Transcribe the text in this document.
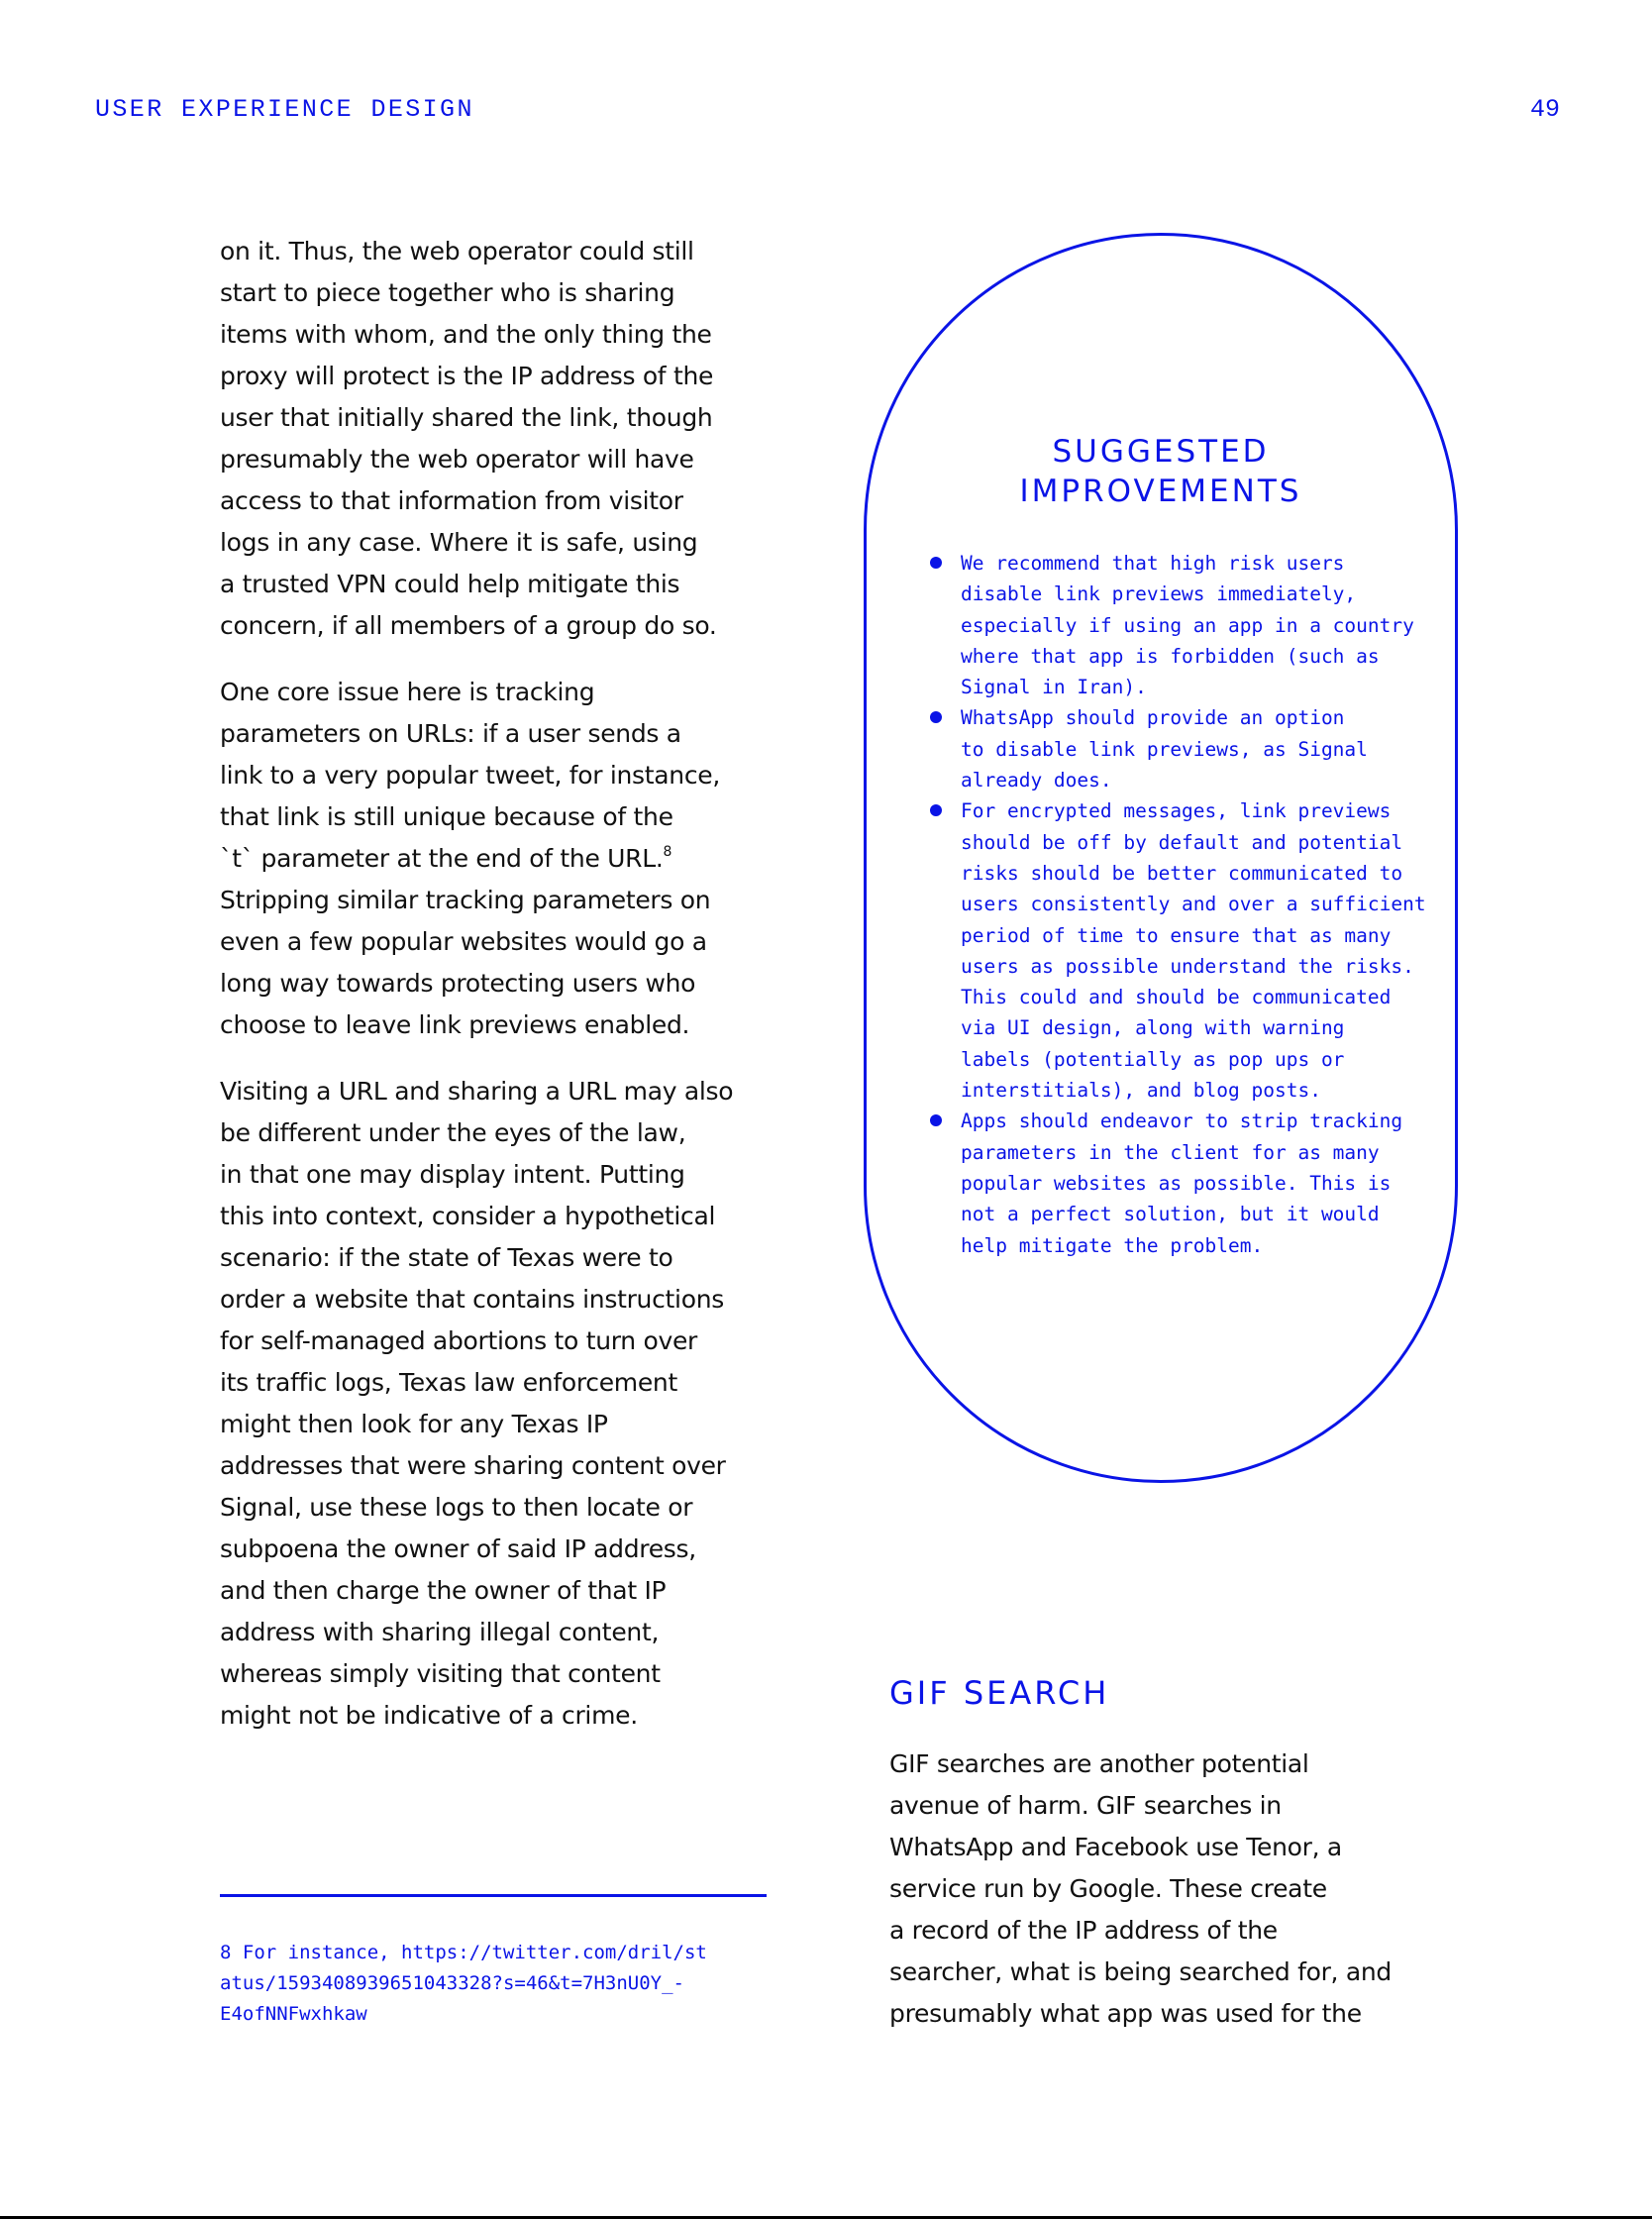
USER EXPERIENCE DESIGN	49

on it. Thus, the web operator could still
start to piece together who is sharing
items with whom, and the only thing the
proxy will protect is the IP address of the
user that initially shared the link, though
presumably the web operator will have
access to that information from visitor
logs in any case. Where it is safe, using
a trusted VPN could help mitigate this
concern, if all members of a group do so.

One core issue here is tracking
parameters on URLs: if a user sends a
link to a very popular tweet, for instance,
that link is still unique because of the
`t` parameter at the end of the URL.$^8$
Stripping similar tracking parameters on
even a few popular websites would go a
long way towards protecting users who
choose to leave link previews enabled.

Visiting a URL and sharing a URL may also
be different under the eyes of the law,
in that one may display intent. Putting
this into context, consider a hypothetical
scenario: if the state of Texas were to
order a website that contains instructions
for self-managed abortions to turn over
its traffic logs, Texas law enforcement
might then look for any Texas IP
addresses that were sharing content over
Signal, use these logs to then locate or
subpoena the owner of said IP address,
and then charge the owner of that IP
address with sharing illegal content,
whereas simply visiting that content
might not be indicative of a crime.

8 For instance, https://twitter.com/dril/st
atus/1593408939651043328?s=46&t=7H3nU0Y_-
E4ofNNFwxhkaw
SUGGESTED
IMPROVEMENTS
We recommend that high risk users
disable link previews immediately,
especially if using an app in a country
where that app is forbidden (such as
Signal in Iran).
WhatsApp should provide an option
to disable link previews, as Signal
already does.
For encrypted messages, link previews
should be off by default and potential
risks should be better communicated to
users consistently and over a sufficient
period of time to ensure that as many
users as possible understand the risks.
This could and should be communicated
via UI design, along with warning
labels (potentially as pop ups or
interstitials), and blog posts.
Apps should endeavor to strip tracking
parameters in the client for as many
popular websites as possible. This is
not a perfect solution, but it would
help mitigate the problem.
GIF SEARCH

GIF searches are another potential
avenue of harm. GIF searches in
WhatsApp and Facebook use Tenor, a
service run by Google. These create
a record of the IP address of the
searcher, what is being searched for, and
presumably what app was used for the
